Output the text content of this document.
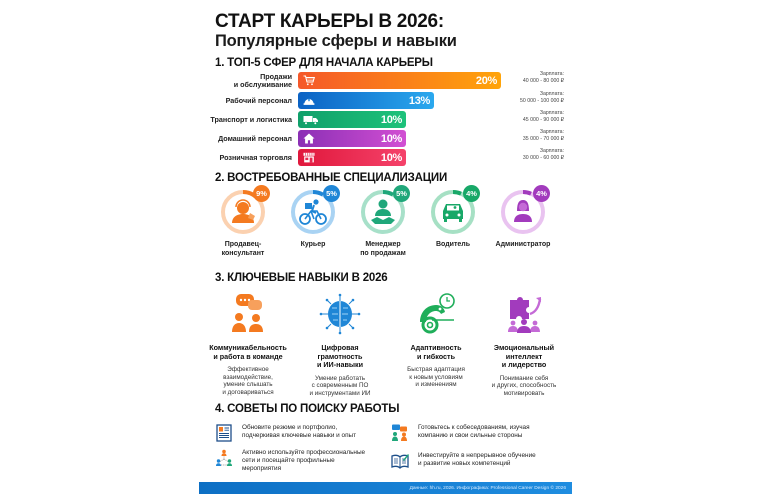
СТАРТ КАРЬЕРЫ В 2026:
Популярные сферы и навыки
1. ТОП-5 СФЕР ДЛЯ НАЧАЛА КАРЬЕРЫ
Продажи
и обслуживание	20%
Зарплата:
40 000 - 80 000 ₽
Рабочий персонал	13%
Зарплата:
50 000 - 100 000 ₽
Транспорт и логистика	10%
Зарплата:
45 000 - 90 000 ₽
Домашний персонал	10%
Зарплата:
35 000 - 70 000 ₽
Розничная торговля	10%
Зарплата:
30 000 - 60 000 ₽
2. ВОСТРЕБОВАННЫЕ СПЕЦИАЛИЗАЦИИ
9%
Продавец-
консультант
5%
Курьер
5%
Менеджер
по продажам
4%
Водитель
4%
Администратор
3. КЛЮЧЕВЫЕ НАВЫКИ В 2026
Коммуникабельность
и работа в команде
Эффективное
взаимодействие,
умение слышать
и договариваться
Цифровая
грамотность
и ИИ-навыки
Умение работать
с современным ПО
и инструментами ИИ
Адаптивность
и гибкость
Быстрая адаптация
к новым условиям
и изменениям
Эмоциональный
интеллект
и лидерство
Понимание себя
и других, способность
мотивировать
4. СОВЕТЫ ПО ПОИСКУ РАБОТЫ
Обновите резюме и портфолио,
подчеркивая ключевые навыки и опыт
Готовьтесь к собеседованиям, изучая
компанию и свои сильные стороны
Активно используйте профессиональные
сети и посещайте профильные
мероприятия
Инвестируйте в непрерывное обучение
и развитие новых компетенций
Данные: hh.ru, 2026. Инфографика: Professional Career Design © 2026
